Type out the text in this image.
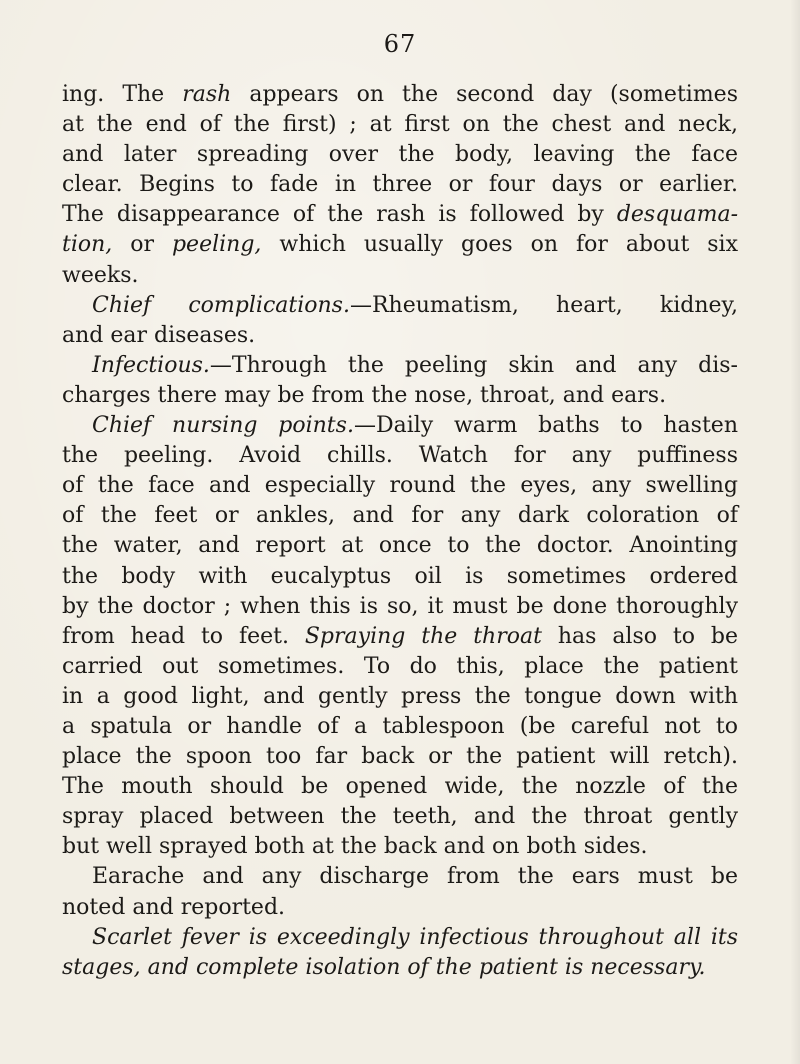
67
ing. The rash appears on the second day (sometimes
at the end of the first) ; at first on the chest and neck,
and later spreading over the body, leaving the face
clear. Begins to fade in three or four days or earlier.
The disappearance of the rash is followed by desquama-
tion, or peeling, which usually goes on for about six
weeks.
Chief complications.—Rheumatism, heart, kidney,
and ear diseases.
Infectious.—Through the peeling skin and any dis-
charges there may be from the nose, throat, and ears.
Chief nursing points.—Daily warm baths to hasten
the peeling. Avoid chills. Watch for any puffiness
of the face and especially round the eyes, any swelling
of the feet or ankles, and for any dark coloration of
the water, and report at once to the doctor. Anointing
the body with eucalyptus oil is sometimes ordered
by the doctor ; when this is so, it must be done thoroughly
from head to feet. Spraying the throat has also to be
carried out sometimes. To do this, place the patient
in a good light, and gently press the tongue down with
a spatula or handle of a tablespoon (be careful not to
place the spoon too far back or the patient will retch).
The mouth should be opened wide, the nozzle of the
spray placed between the teeth, and the throat gently
but well sprayed both at the back and on both sides.
Earache and any discharge from the ears must be
noted and reported.
Scarlet fever is exceedingly infectious throughout all its
stages, and complete isolation of the patient is necessary.
